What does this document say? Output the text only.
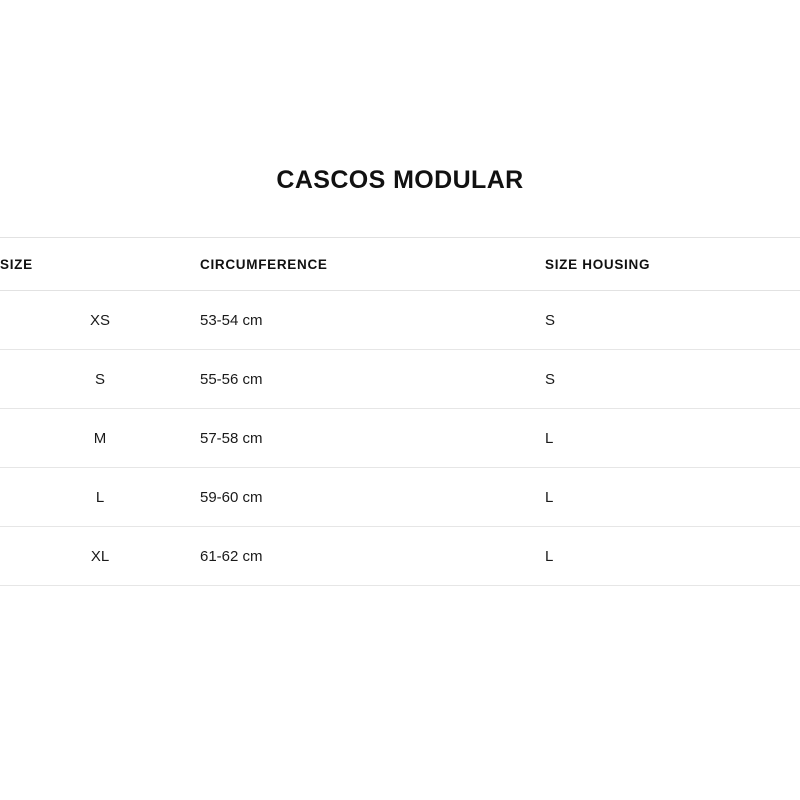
CASCOS MODULAR
SIZE	CIRCUMFERENCE	SIZE HOUSING
XS	53-54 cm	S
S	55-56 cm	S
M	57-58 cm	L
L	59-60 cm	L
XL	61-62 cm	L
